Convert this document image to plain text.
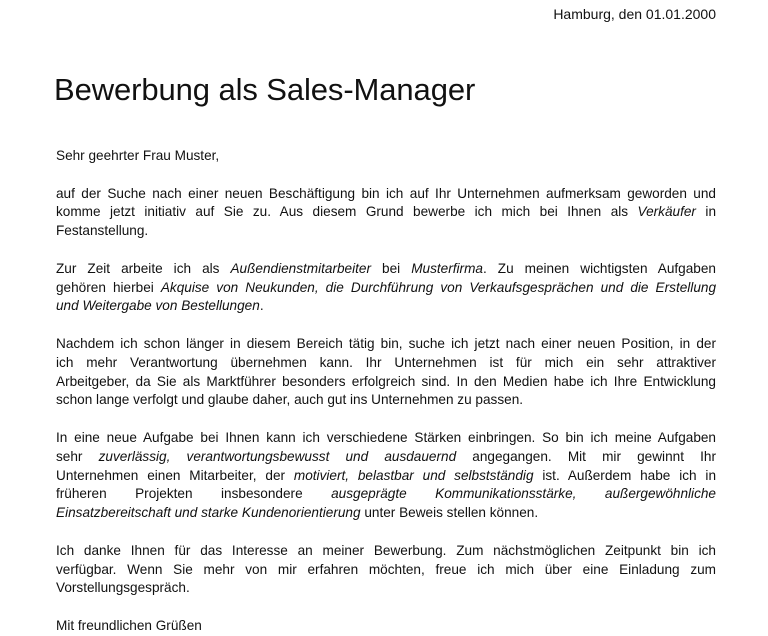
Hamburg, den 01.01.2000
Bewerbung als Sales-Manager

Sehr geehrter Frau Muster,

auf der Suche nach einer neuen Beschäftigung bin ich auf Ihr Unternehmen aufmerksam geworden und
komme jetzt initiativ auf Sie zu. Aus diesem Grund bewerbe ich mich bei Ihnen als Verkäufer in
Festanstellung.
Zur Zeit arbeite ich als Außendienstmitarbeiter bei Musterfirma. Zu meinen wichtigsten Aufgaben
gehören hierbei Akquise von Neukunden, die Durchführung von Verkaufsgesprächen und die Erstellung
und Weitergabe von Bestellungen.
Nachdem ich schon länger in diesem Bereich tätig bin, suche ich jetzt nach einer neuen Position, in der
ich mehr Verantwortung übernehmen kann. Ihr Unternehmen ist für mich ein sehr attraktiver
Arbeitgeber, da Sie als Marktführer besonders erfolgreich sind. In den Medien habe ich Ihre Entwicklung
schon lange verfolgt und glaube daher, auch gut ins Unternehmen zu passen.
In eine neue Aufgabe bei Ihnen kann ich verschiedene Stärken einbringen. So bin ich meine Aufgaben
sehr zuverlässig, verantwortungsbewusst und ausdauernd angegangen. Mit mir gewinnt Ihr
Unternehmen einen Mitarbeiter, der motiviert, belastbar und selbstständig ist. Außerdem habe ich in
früheren Projekten insbesondere ausgeprägte Kommunikationsstärke, außergewöhnliche
Einsatzbereitschaft und starke Kundenorientierung unter Beweis stellen können.
Ich danke Ihnen für das Interesse an meiner Bewerbung. Zum nächstmöglichen Zeitpunkt bin ich
verfügbar. Wenn Sie mehr von mir erfahren möchten, freue ich mich über eine Einladung zum
Vorstellungsgespräch.

Mit freundlichen Grüßen
